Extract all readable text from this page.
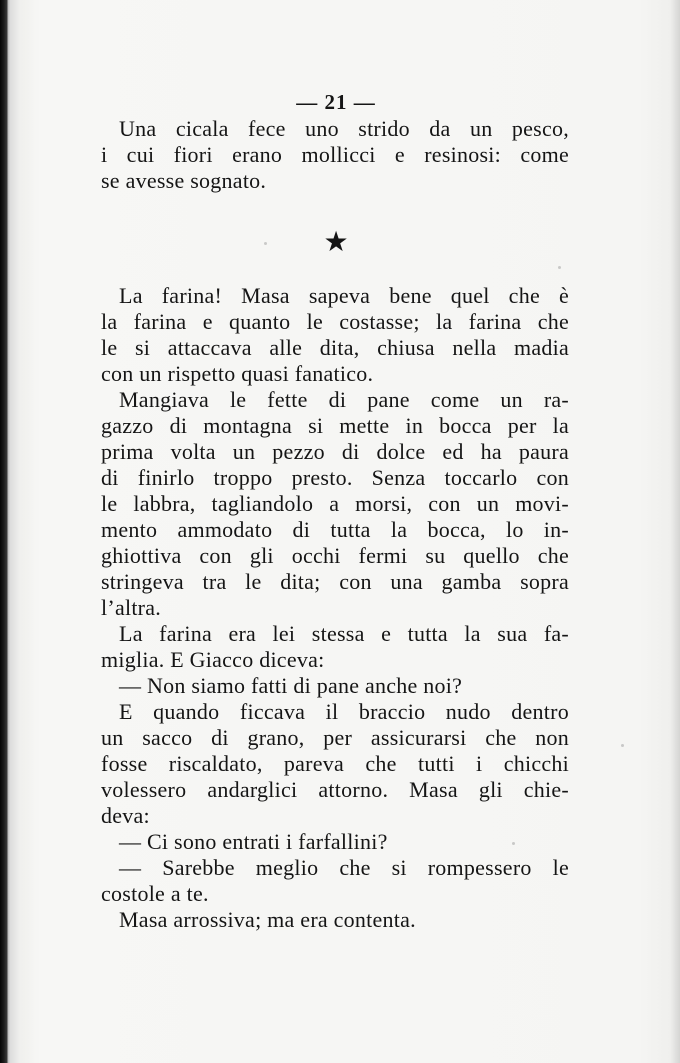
— 21 —
Una cicala fece uno strido da un pesco,
i cui fiori erano mollicci e resinosi: come
se avesse sognato.
★
La farina! Masa sapeva bene quel che è
la farina e quanto le costasse; la farina che
le si attaccava alle dita, chiusa nella madia
con un rispetto quasi fanatico.
Mangiava le fette di pane come un ra-
gazzo di montagna si mette in bocca per la
prima volta un pezzo di dolce ed ha paura
di finirlo troppo presto. Senza toccarlo con
le labbra, tagliandolo a morsi, con un movi-
mento ammodato di tutta la bocca, lo in-
ghiottiva con gli occhi fermi su quello che
stringeva tra le dita; con una gamba sopra
l’altra.
La farina era lei stessa e tutta la sua fa-
miglia. E Giacco diceva:
— Non siamo fatti di pane anche noi?
E quando ficcava il braccio nudo dentro
un sacco di grano, per assicurarsi che non
fosse riscaldato, pareva che tutti i chicchi
volessero andarglici attorno. Masa gli chie-
deva:
— Ci sono entrati i farfallini?
— Sarebbe meglio che si rompessero le
costole a te.
Masa arrossiva; ma era contenta.
